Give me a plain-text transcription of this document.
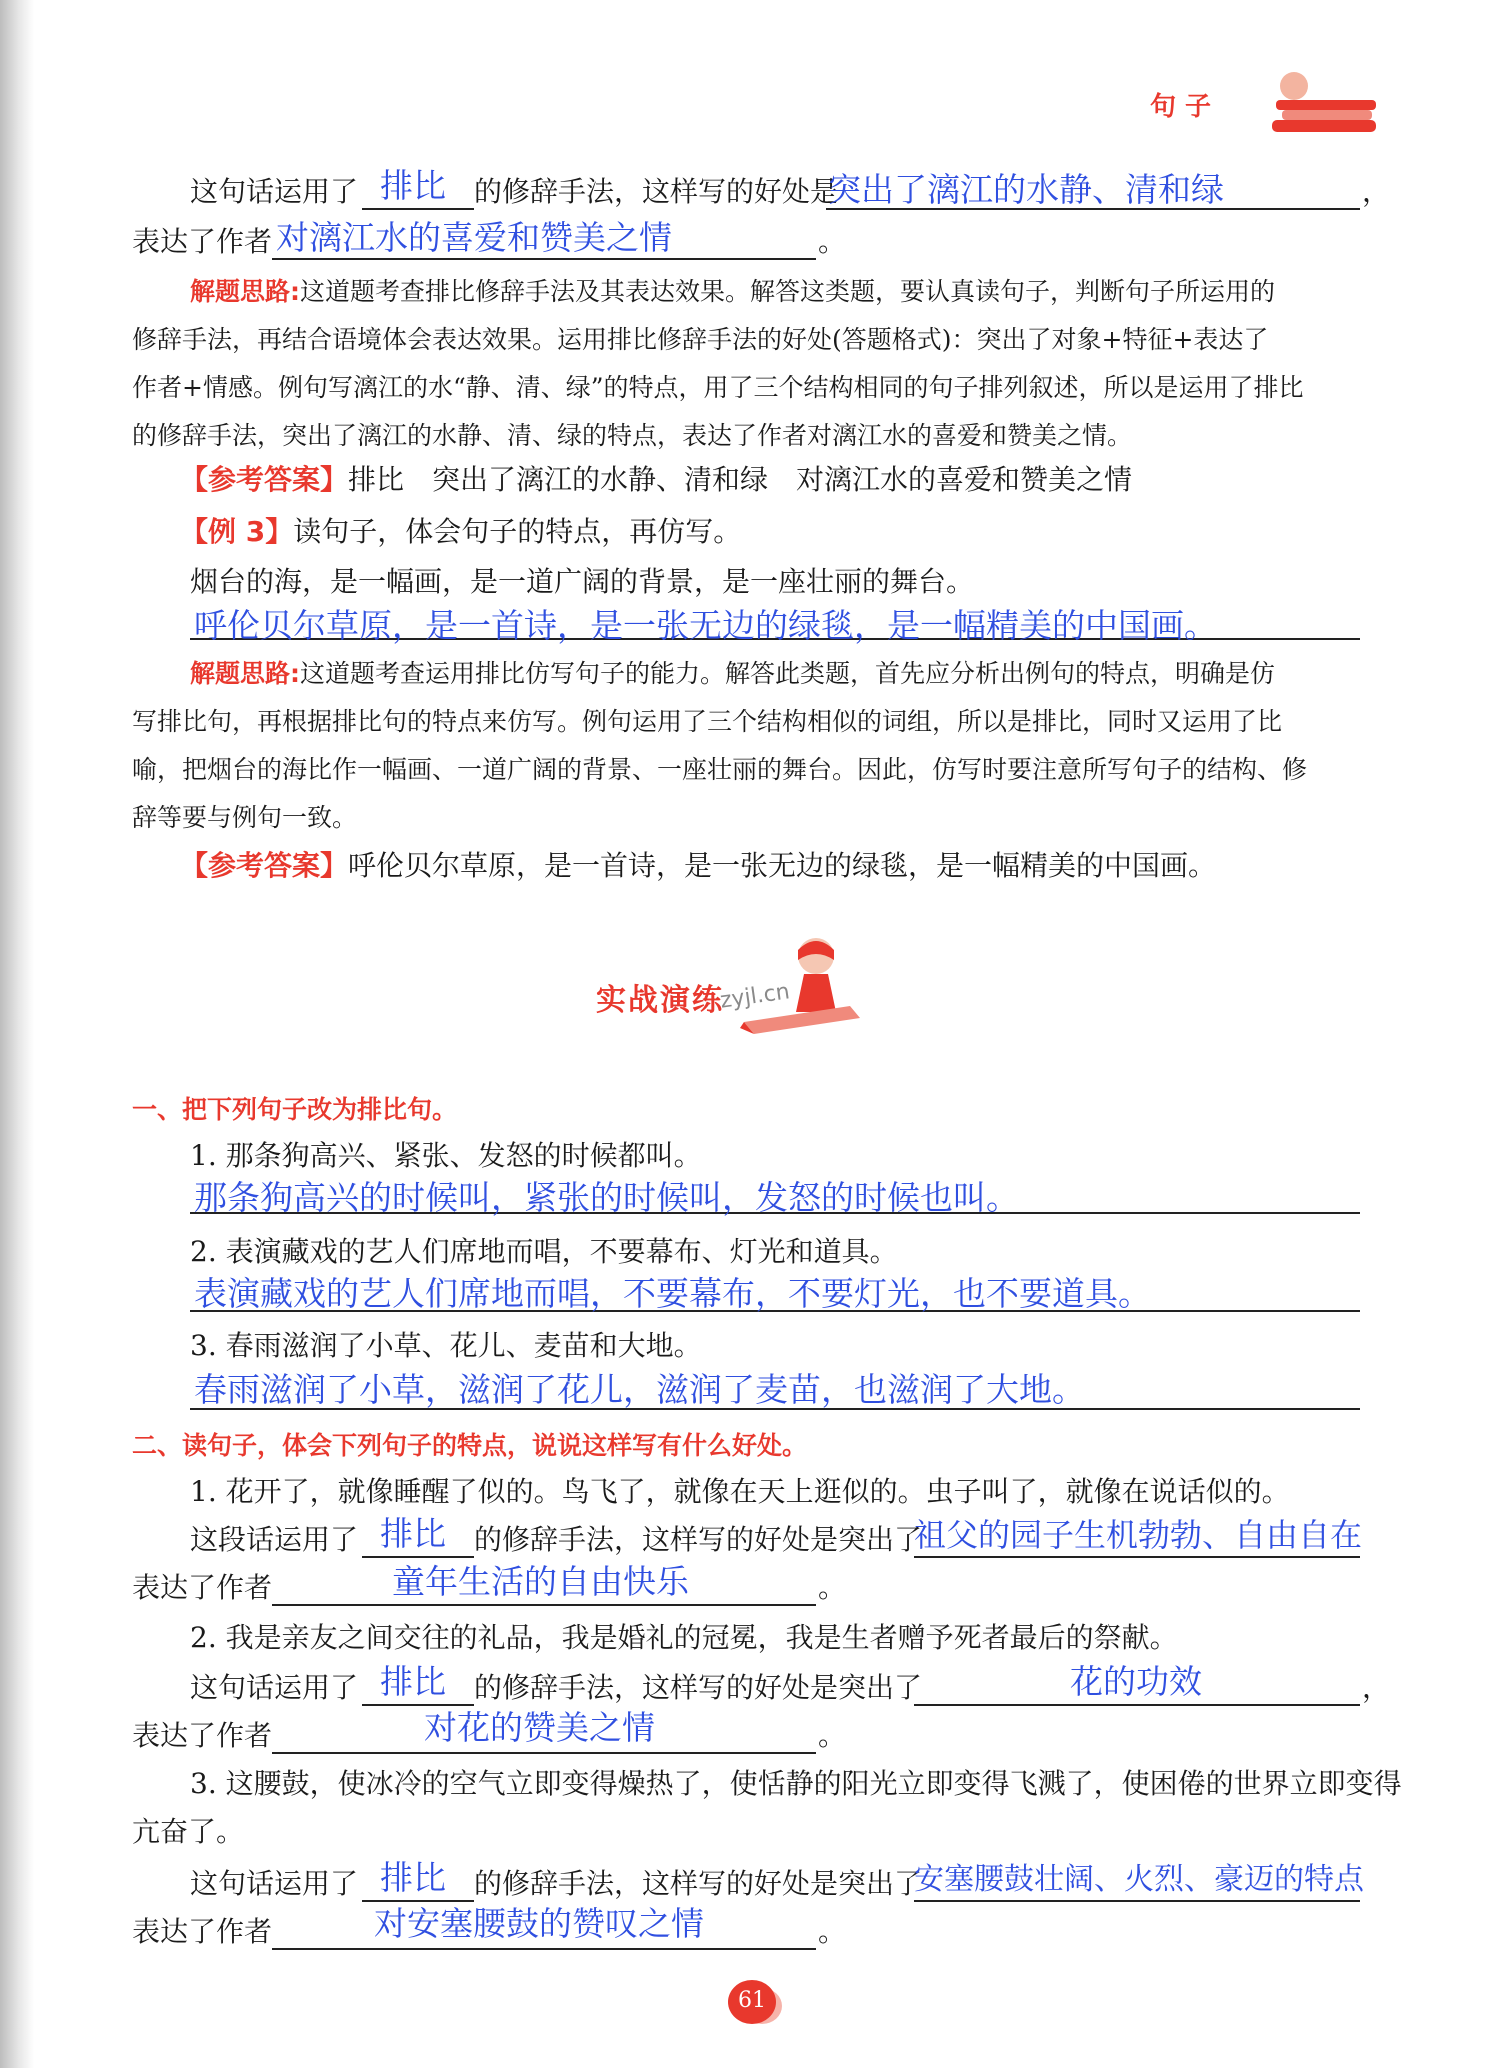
句 子
这句话运用了 排比 的修辞手法，这样写的好处是
突出了漓江的水静、清和绿	，
表达了作者 对漓江水的喜爱和赞美之情	。
解题思路:这道题考查排比修辞手法及其表达效果。解答这类题，要认真读句子，判断句子所运用的
修辞手法，再结合语境体会表达效果。运用排比修辞手法的好处(答题格式)：突出了对象+特征+表达了
作者+情感。例句写漓江的水“静、清、绿”的特点，用了三个结构相同的句子排列叙述，所以是运用了排比
的修辞手法，突出了漓江的水静、清、绿的特点，表达了作者对漓江水的喜爱和赞美之情。
【参考答案】排比　突出了漓江的水静、清和绿　对漓江水的喜爱和赞美之情
【例 3】读句子，体会句子的特点，再仿写。
烟台的海，是一幅画，是一道广阔的背景，是一座壮丽的舞台。
呼伦贝尔草原，是一首诗，是一张无边的绿毯，是一幅精美的中国画。
解题思路:这道题考查运用排比仿写句子的能力。解答此类题，首先应分析出例句的特点，明确是仿
写排比句，再根据排比句的特点来仿写。例句运用了三个结构相似的词组，所以是排比，同时又运用了比
喻，把烟台的海比作一幅画、一道广阔的背景、一座壮丽的舞台。因此，仿写时要注意所写句子的结构、修
辞等要与例句一致。
【参考答案】呼伦贝尔草原，是一首诗，是一张无边的绿毯，是一幅精美的中国画。
实战演练
zyjl.cn
一、把下列句子改为排比句。
1. 那条狗高兴、紧张、发怒的时候都叫。
那条狗高兴的时候叫，紧张的时候叫，发怒的时候也叫。
2. 表演藏戏的艺人们席地而唱，不要幕布、灯光和道具。
表演藏戏的艺人们席地而唱，不要幕布，不要灯光，也不要道具。
3. 春雨滋润了小草、花儿、麦苗和大地。
春雨滋润了小草，滋润了花儿，滋润了麦苗，也滋润了大地。
二、读句子，体会下列句子的特点，说说这样写有什么好处。
1. 花开了，就像睡醒了似的。鸟飞了，就像在天上逛似的。虫子叫了，就像在说话似的。
这段话运用了 排比 的修辞手法，这样写的好处是突出了
祖父的园子生机勃勃、自由自在
表达了作者	童年生活的自由快乐	。
2. 我是亲友之间交往的礼品，我是婚礼的冠冕，我是生者赠予死者最后的祭献。
这句话运用了 排比 的修辞手法，这样写的好处是突出了	花的功效	，
表达了作者	对花的赞美之情	。
3. 这腰鼓，使冰冷的空气立即变得燥热了，使恬静的阳光立即变得飞溅了，使困倦的世界立即变得
亢奋了。
这句话运用了 排比 的修辞手法，这样写的好处是突出了
安塞腰鼓壮阔、火烈、豪迈的特点
表达了作者	对安塞腰鼓的赞叹之情	。
61
